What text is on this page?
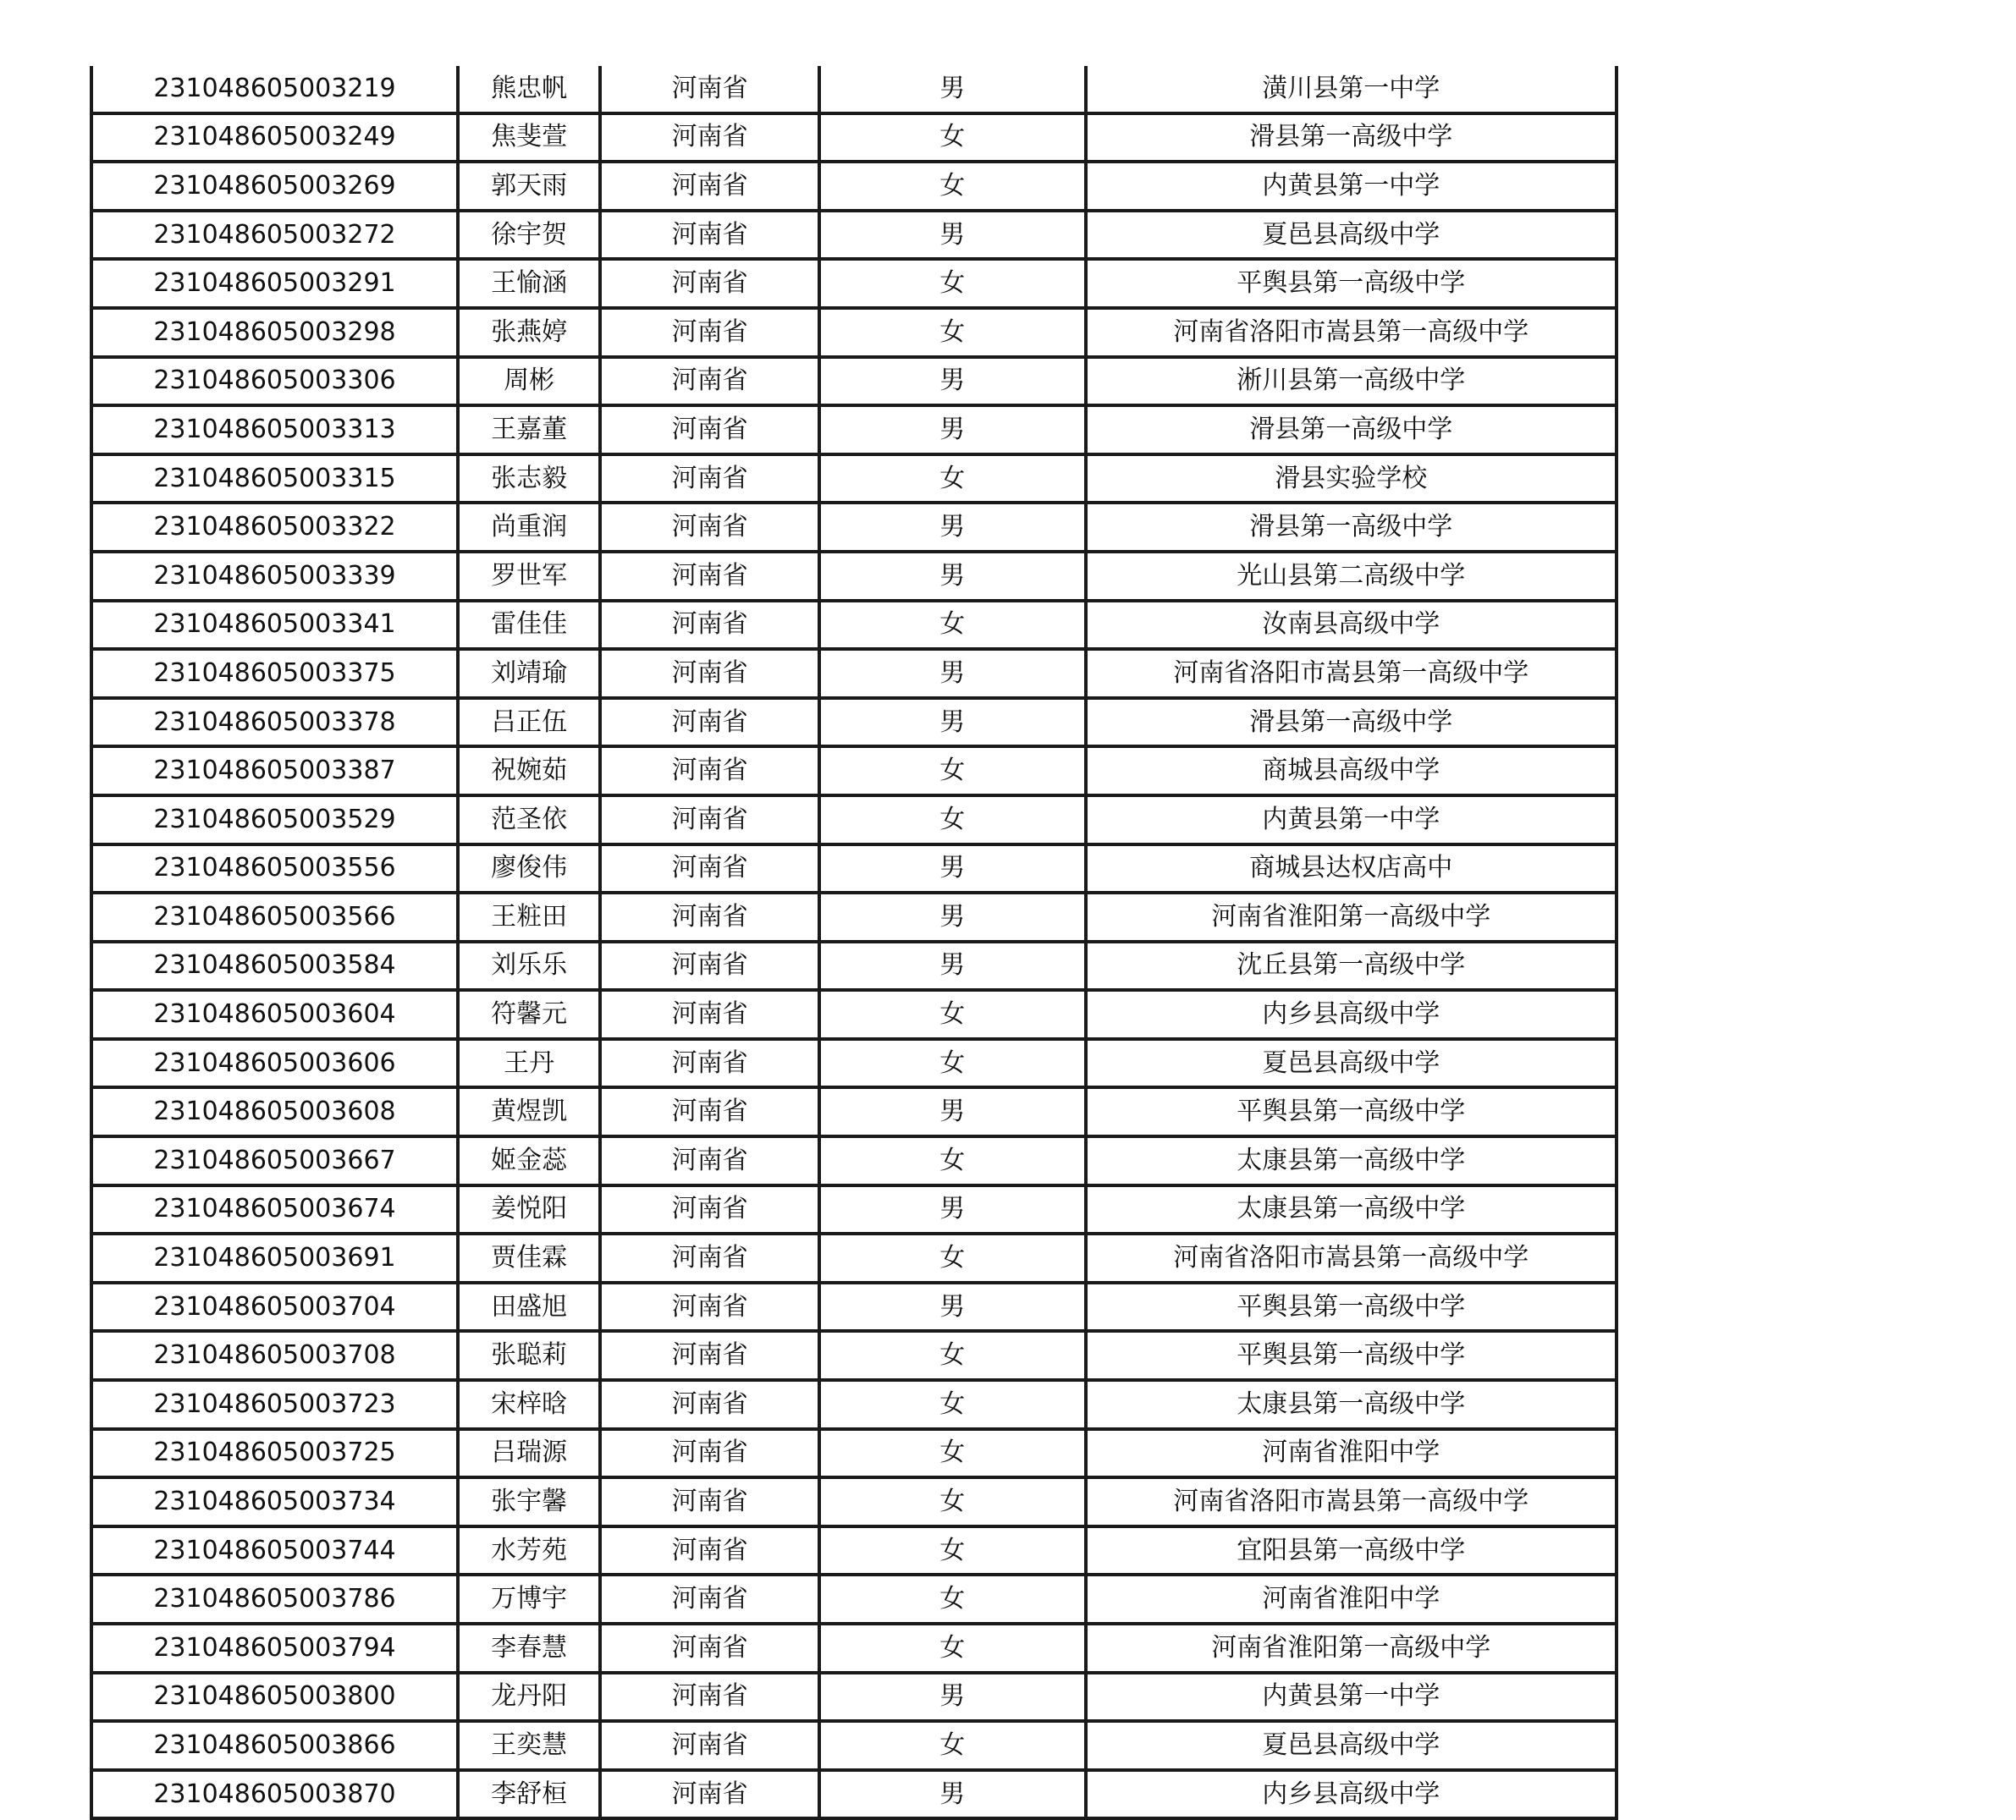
231048605003219	熊忠帆	河南省	男	潢川县第一中学
231048605003249	焦斐萱	河南省	女	滑县第一高级中学
231048605003269	郭天雨	河南省	女	内黄县第一中学
231048605003272	徐宇贺	河南省	男	夏邑县高级中学
231048605003291	王愉涵	河南省	女	平舆县第一高级中学
231048605003298	张燕婷	河南省	女	河南省洛阳市嵩县第一高级中学
231048605003306	周彬	河南省	男	淅川县第一高级中学
231048605003313	王嘉董	河南省	男	滑县第一高级中学
231048605003315	张志毅	河南省	女	滑县实验学校
231048605003322	尚重润	河南省	男	滑县第一高级中学
231048605003339	罗世军	河南省	男	光山县第二高级中学
231048605003341	雷佳佳	河南省	女	汝南县高级中学
231048605003375	刘靖瑜	河南省	男	河南省洛阳市嵩县第一高级中学
231048605003378	吕正伍	河南省	男	滑县第一高级中学
231048605003387	祝婉茹	河南省	女	商城县高级中学
231048605003529	范圣依	河南省	女	内黄县第一中学
231048605003556	廖俊伟	河南省	男	商城县达权店高中
231048605003566	王粧田	河南省	男	河南省淮阳第一高级中学
231048605003584	刘乐乐	河南省	男	沈丘县第一高级中学
231048605003604	符馨元	河南省	女	内乡县高级中学
231048605003606	王丹	河南省	女	夏邑县高级中学
231048605003608	黄煜凯	河南省	男	平舆县第一高级中学
231048605003667	姬金蕊	河南省	女	太康县第一高级中学
231048605003674	姜悦阳	河南省	男	太康县第一高级中学
231048605003691	贾佳霖	河南省	女	河南省洛阳市嵩县第一高级中学
231048605003704	田盛旭	河南省	男	平舆县第一高级中学
231048605003708	张聪莉	河南省	女	平舆县第一高级中学
231048605003723	宋梓晗	河南省	女	太康县第一高级中学
231048605003725	吕瑞源	河南省	女	河南省淮阳中学
231048605003734	张宇馨	河南省	女	河南省洛阳市嵩县第一高级中学
231048605003744	水芳苑	河南省	女	宜阳县第一高级中学
231048605003786	万博宇	河南省	女	河南省淮阳中学
231048605003794	李春慧	河南省	女	河南省淮阳第一高级中学
231048605003800	龙丹阳	河南省	男	内黄县第一中学
231048605003866	王奕慧	河南省	女	夏邑县高级中学
231048605003870	李舒桓	河南省	男	内乡县高级中学
